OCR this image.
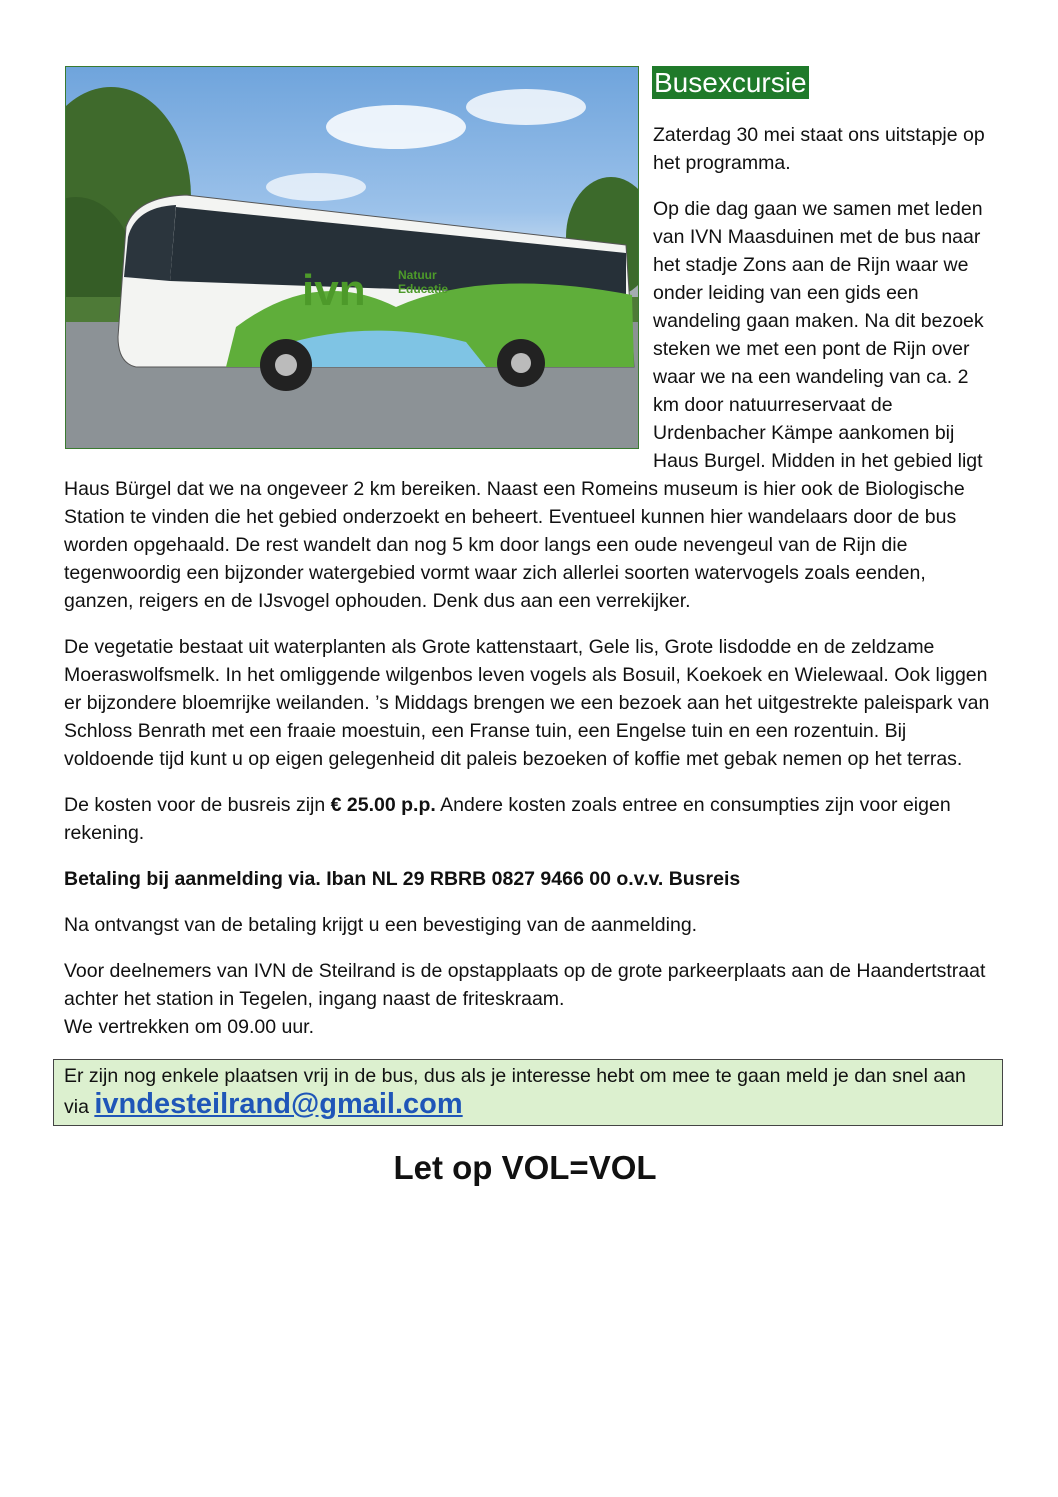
Busexcursie
ivn	Natuur
Educatie

Zaterdag 30 mei staat ons uitstapje op het programma.

Op die dag gaan we samen met leden van IVN Maasduinen met de bus naar het stadje Zons aan de Rijn waar we onder leiding van een gids een wandeling gaan maken. Na dit bezoek steken we met een pont de Rijn over waar we na een wandeling van ca. 2 km door natuurreservaat de Urdenbacher Kämpe aankomen bij Haus Burgel. Midden in het gebied ligt Haus Bürgel dat we na ongeveer 2 km bereiken. Naast een Romeins museum is hier ook de Biologische Station te vinden die het gebied onderzoekt en beheert. Eventueel kunnen hier wandelaars door de bus worden opgehaald. De rest wandelt dan nog 5 km door langs een oude nevengeul van de Rijn die tegenwoordig een bijzonder watergebied vormt waar zich allerlei soorten watervogels zoals eenden, ganzen, reigers en de IJsvogel ophouden. Denk dus aan een verrekijker.

De vegetatie bestaat uit waterplanten als Grote kattenstaart, Gele lis, Grote lisdodde en de zeldzame Moeraswolfsmelk. In het omliggende wilgenbos leven vogels als Bosuil, Koekoek en Wielewaal. Ook liggen er bijzondere bloemrijke weilanden. ’s Middags brengen we een bezoek aan het uitgestrekte paleispark van Schloss Benrath met een fraaie moestuin, een Franse tuin, een Engelse tuin en een rozentuin. Bij voldoende tijd kunt u op eigen gelegenheid dit paleis bezoeken of koffie met gebak nemen op het terras.

De kosten voor de busreis zijn € 25.00 p.p. Andere kosten zoals entree en consumpties zijn voor eigen rekening.

Betaling bij aanmelding via. Iban NL 29 RBRB 0827 9466 00 o.v.v. Busreis

Na ontvangst van de betaling krijgt u een bevestiging van de aanmelding.

Voor deelnemers van IVN de Steilrand is de opstapplaats op de grote parkeerplaats aan de Haandertstraat achter het station in Tegelen, ingang naast de friteskraam.
We vertrekken om 09.00 uur.

Er zijn nog enkele plaatsen vrij in de bus, dus als je interesse hebt om mee te gaan meld je dan snel aan via ivndesteilrand@gmail.com
Let op VOL=VOL
